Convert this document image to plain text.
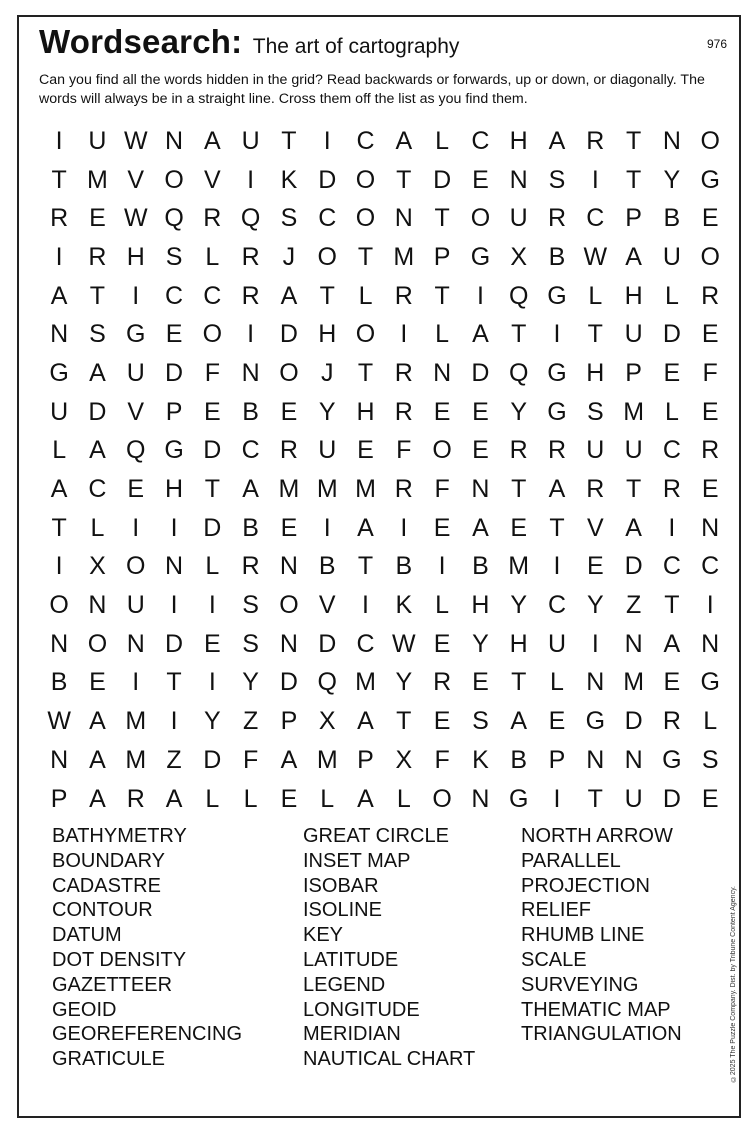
Wordsearch: The art of cartography	976
Can you find all the words hidden in the grid? Read backwards or forwards, up or down, or diagonally. The words will always be in a straight line. Cross them off the list as you find them.
I	U W N A U T	I	C A L C H A R T N O
T M V O V	I	K D O T D E N S	I	T Y G
R E W Q R Q S C O N T O U R C P B E
I	R H S L R J O T M P G X B W A U O
A T	I	C C R A T L R T	I	Q G L H L R
N S G E O	I	D H O	I	L A T	I	T U D E
G A U D F N O J T R N D Q G H P E F
U D V P E B E Y H R E E Y G S M L E
L A Q G D C R U E F O E R R U U C R
A C E H T A M M M R F N T A R T R E
T L	I	I	D B E	I	A	I	E A E T V A	I	N
I	X O N L R N B T B	I	B M I	E D C C
O N U	I	I	S O V	I	K L H Y C Y Z T	I
N O N D E S N D C W E Y H U	I	N A N
B E	I	T	I	Y D Q M Y R E T L N M E G
W A M I	Y Z P X A T E S A E G D R L
N A M Z D F A M P X F K B P N N G S
P A R A L L E L A L O N G	I	T U D E
BATHYMETRY
BOUNDARY
CADASTRE
CONTOUR
DATUM
DOT DENSITY
GAZETTEER
GEOID
GEOREFERENCING
GRATICULE
GREAT CIRCLE
INSET MAP
ISOBAR
ISOLINE
KEY
LATITUDE
LEGEND
LONGITUDE
MERIDIAN
NAUTICAL CHART
NORTH ARROW
PARALLEL
PROJECTION
RELIEF
RHUMB LINE
SCALE
SURVEYING
THEMATIC MAP
TRIANGULATION	©2025 The Puzzle Company. Dist. by Tribune Content Agency.
